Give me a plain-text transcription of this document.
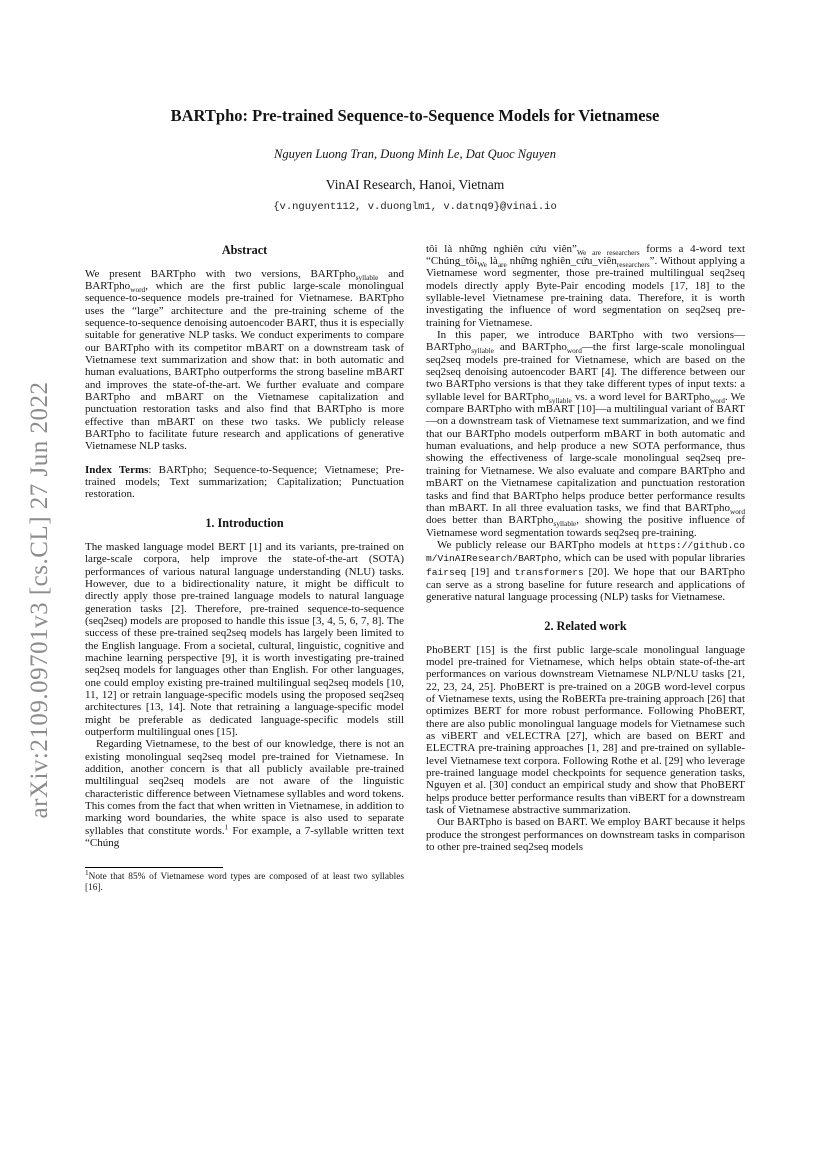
arXiv:2109.09701v3 [cs.CL] 27 Jun 2022
BARTpho: Pre-trained Sequence-to-Sequence Models for Vietnamese
Nguyen Luong Tran, Duong Minh Le, Dat Quoc Nguyen
VinAI Research, Hanoi, Vietnam
{v.nguyent112, v.duonglm1, v.datnq9}@vinai.io
Abstract

We present BARTpho with two versions, BARTpho$_{syllable}$ and BARTpho$_{word}$, which are the first public large-scale monolingual sequence-to-sequence models pre-trained for Vietnamese. BARTpho uses the “large” architecture and the pre-training scheme of the sequence-to-sequence denoising autoencoder BART, thus it is especially suitable for generative NLP tasks. We conduct experiments to compare our BARTpho with its competitor mBART on a downstream task of Vietnamese text summarization and show that: in both automatic and human evaluations, BARTpho outperforms the strong baseline mBART and improves the state-of-the-art. We further evaluate and compare BARTpho and mBART on the Vietnamese capitalization and punctuation restoration tasks and also find that BARTpho is more effective than mBART on these two tasks. We publicly release BARTpho to facilitate future research and applications of generative Vietnamese NLP tasks.

Index Terms: BARTpho; Sequence-to-Sequence; Vietnamese; Pre-trained models; Text summarization; Capitalization; Punctuation restoration.

1. Introduction

The masked language model BERT [1] and its variants, pre-trained on large-scale corpora, help improve the state-of-the-art (SOTA) performances of various natural language understanding (NLU) tasks. However, due to a bidirectionality nature, it might be difficult to directly apply those pre-trained language models to natural language generation tasks [2]. Therefore, pre-trained sequence-to-sequence (seq2seq) models are proposed to handle this issue [3, 4, 5, 6, 7, 8]. The success of these pre-trained seq2seq models has largely been limited to the English language. From a societal, cultural, linguistic, cognitive and machine learning perspective [9], it is worth investigating pre-trained seq2seq models for languages other than English. For other languages, one could employ existing pre-trained multilingual seq2seq models [10, 11, 12] or retrain language-specific models using the proposed seq2seq architectures [13, 14]. Note that retraining a language-specific model might be preferable as dedicated language-specific models still outperform multilingual ones [15].

Regarding Vietnamese, to the best of our knowledge, there is not an existing monolingual seq2seq model pre-trained for Vietnamese. In addition, another concern is that all publicly available pre-trained multilingual seq2seq models are not aware of the linguistic characteristic difference between Vietnamese syllables and word tokens. This comes from the fact that when written in Vietnamese, in addition to marking word boundaries, the white space is also used to separate syllables that constitute words.$^1$ For example, a 7-syllable written text “Chúng

$^1$Note that 85% of Vietnamese word types are composed of at least two syllables [16].

tôi là những nghiên cứu $viên”_{We are researchers}$ forms a 4-word text “Chúng_tôi$_{We}$ $là_{are}$ những nghiên_cứu_viên$_{researchers}$”. Without applying a Vietnamese word segmenter, those pre-trained multilingual seq2seq models directly apply Byte-Pair encoding models [17, 18] to the syllable-level Vietnamese pre-training data. Therefore, it is worth investigating the influence of word segmentation on seq2seq pre-training for Vietnamese.

In this paper, we introduce BARTpho with two versions—BARTpho$_{syllable}$ and BARTpho$_{word}$—the first large-scale monolingual seq2seq models pre-trained for Vietnamese, which are based on the seq2seq denoising autoencoder BART [4]. The difference between our two BARTpho versions is that they take different types of input texts: a syllable level for BARTpho$_{syllable}$ vs. a word level for BARTpho$_{word}$. We compare BARTpho with mBART [10]—a multilingual variant of BART—on a downstream task of Vietnamese text summarization, and we find that our BARTpho models outperform mBART in both automatic and human evaluations, and help produce a new SOTA performance, thus showing the effectiveness of large-scale monolingual seq2seq pre-training for Vietnamese. We also evaluate and compare BARTpho and mBART on the Vietnamese capitalization and punctuation restoration tasks and find that BARTpho helps produce better performance results than mBART. In all three evaluation tasks, we find that BARTpho$_{word}$ does better than BARTpho$_{syllable}$, showing the positive influence of Vietnamese word segmentation towards seq2seq pre-training.

We publicly release our BARTpho models at https://github.com/VinAIResearch/BARTpho, which can be used with popular libraries fairseq [19] and transformers [20]. We hope that our BARTpho can serve as a strong baseline for future research and applications of generative natural language processing (NLP) tasks for Vietnamese.

2. Related work

PhoBERT [15] is the first public large-scale monolingual language model pre-trained for Vietnamese, which helps obtain state-of-the-art performances on various downstream Vietnamese NLP/NLU tasks [21, 22, 23, 24, 25]. PhoBERT is pre-trained on a 20GB word-level corpus of Vietnamese texts, using the RoBERTa pre-training approach [26] that optimizes BERT for more robust performance. Following PhoBERT, there are also public monolingual language models for Vietnamese such as viBERT and vELECTRA [27], which are based on BERT and ELECTRA pre-training approaches [1, 28] and pre-trained on syllable-level Vietnamese text corpora. Following Rothe et al. [29] who leverage pre-trained language model checkpoints for sequence generation tasks, Nguyen et al. [30] conduct an empirical study and show that PhoBERT helps produce better performance results than viBERT for a downstream task of Vietnamese abstractive summarization.

Our BARTpho is based on BART. We employ BART because it helps produce the strongest performances on downstream tasks in comparison to other pre-trained seq2seq models
